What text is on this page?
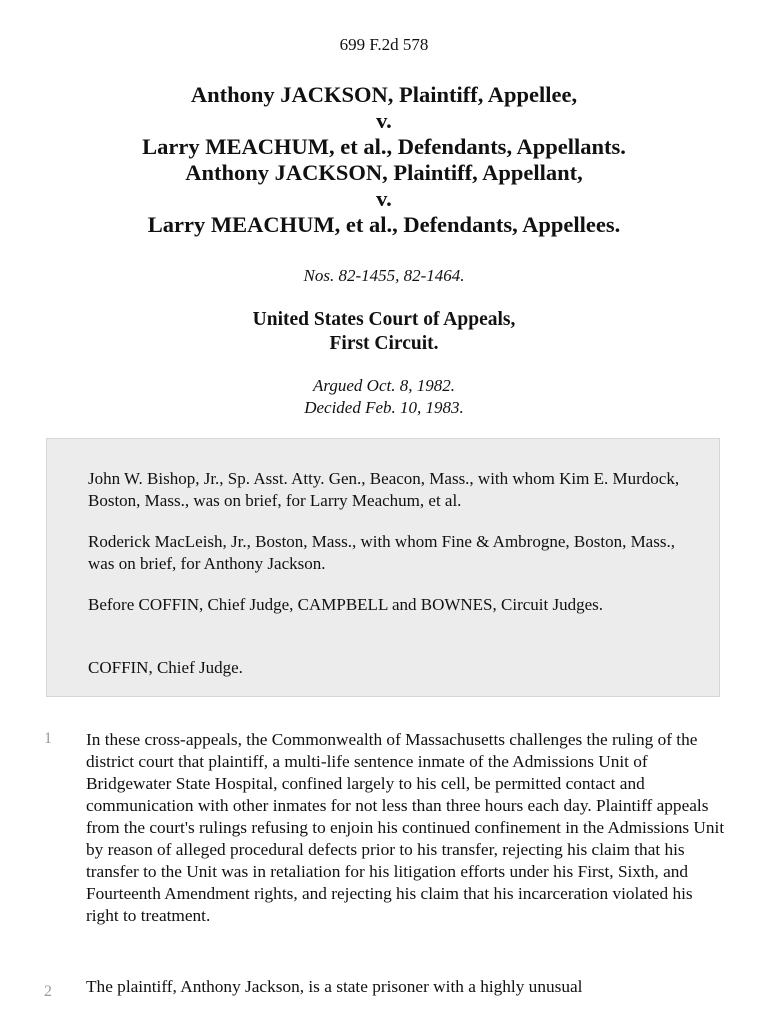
699 F.2d 578
Anthony JACKSON, Plaintiff, Appellee,
v.
Larry MEACHUM, et al., Defendants, Appellants.
Anthony JACKSON, Plaintiff, Appellant,
v.
Larry MEACHUM, et al., Defendants, Appellees.
Nos. 82-1455, 82-1464.
United States Court of Appeals,
First Circuit.
Argued Oct. 8, 1982.
Decided Feb. 10, 1983.

John W. Bishop, Jr., Sp. Asst. Atty. Gen., Beacon, Mass., with whom Kim E. Murdock, Boston, Mass., was on brief, for Larry Meachum, et al.

Roderick MacLeish, Jr., Boston, Mass., with whom Fine & Ambrogne, Boston, Mass., was on brief, for Anthony Jackson.

Before COFFIN, Chief Judge, CAMPBELL and BOWNES, Circuit Judges.

COFFIN, Chief Judge.

1 In these cross-appeals, the Commonwealth of Massachusetts challenges the ruling of the district court that plaintiff, a multi-life sentence inmate of the Admissions Unit of Bridgewater State Hospital, confined largely to his cell, be permitted contact and communication with other inmates for not less than three hours each day. Plaintiff appeals from the court's rulings refusing to enjoin his continued confinement in the Admissions Unit by reason of alleged procedural defects prior to his transfer, rejecting his claim that his transfer to the Unit was in retaliation for his litigation efforts under his First, Sixth, and Fourteenth Amendment rights, and rejecting his claim that his incarceration violated his right to treatment.
2 The plaintiff, Anthony Jackson, is a state prisoner with a highly unusual
